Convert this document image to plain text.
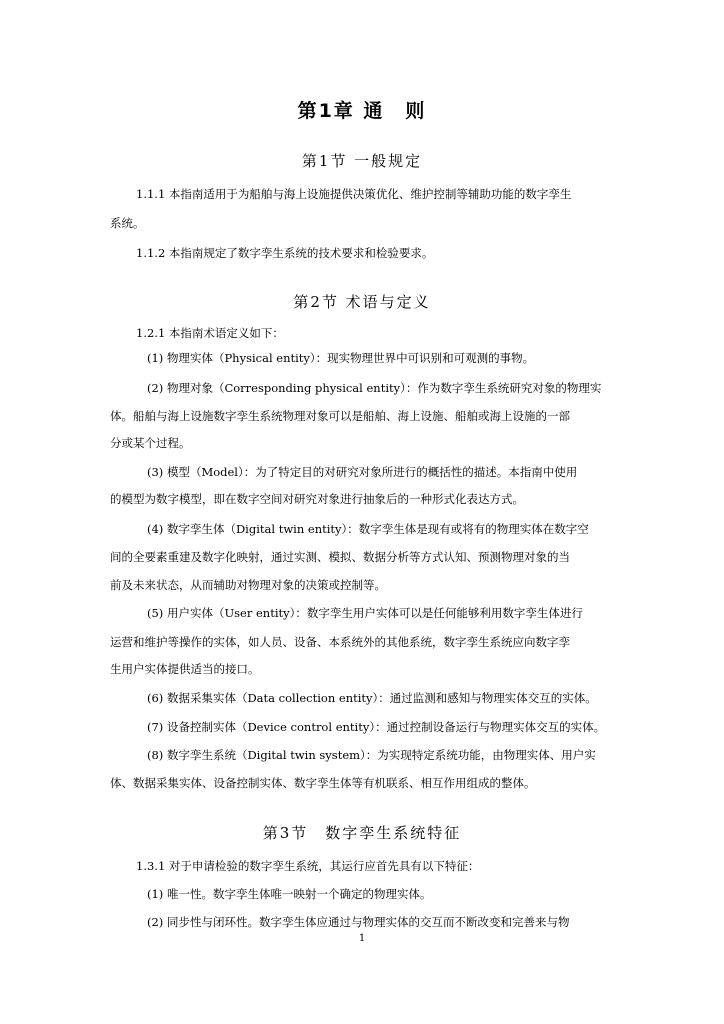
第1章 通　则
第1节 一般规定
1.1.1 本指南适用于为船舶与海上设施提供决策优化、维护控制等辅助功能的数字孪生
系统。
1.1.2 本指南规定了数字孪生系统的技术要求和检验要求。
第2节 术语与定义
1.2.1 本指南术语定义如下：
(1) 物理实体（Physical entity）：现实物理世界中可识别和可观测的事物。
(2) 物理对象（Corresponding physical entity）：作为数字孪生系统研究对象的物理实
体。船舶与海上设施数字孪生系统物理对象可以是船舶、海上设施、船舶或海上设施的一部
分或某个过程。
(3) 模型（Model）：为了特定目的对研究对象所进行的概括性的描述。本指南中使用
的模型为数字模型，即在数字空间对研究对象进行抽象后的一种形式化表达方式。
(4) 数字孪生体（Digital twin entity）：数字孪生体是现有或将有的物理实体在数字空
间的全要素重建及数字化映射，通过实测、模拟、数据分析等方式认知、预测物理对象的当
前及未来状态，从而辅助对物理对象的决策或控制等。
(5) 用户实体（User entity）：数字孪生用户实体可以是任何能够利用数字孪生体进行
运营和维护等操作的实体，如人员、设备、本系统外的其他系统，数字孪生系统应向数字孪
生用户实体提供适当的接口。
(6) 数据采集实体（Data collection entity）：通过监测和感知与物理实体交互的实体。
(7) 设备控制实体（Device control entity）：通过控制设备运行与物理实体交互的实体。
(8) 数字孪生系统（Digital twin system）：为实现特定系统功能，由物理实体、用户实
体、数据采集实体、设备控制实体、数字孪生体等有机联系、相互作用组成的整体。
第3节　数字孪生系统特征
1.3.1 对于申请检验的数字孪生系统，其运行应首先具有以下特征：
(1) 唯一性。数字孪生体唯一映射一个确定的物理实体。
(2) 同步性与闭环性。数字孪生体应通过与物理实体的交互而不断改变和完善来与物
1
